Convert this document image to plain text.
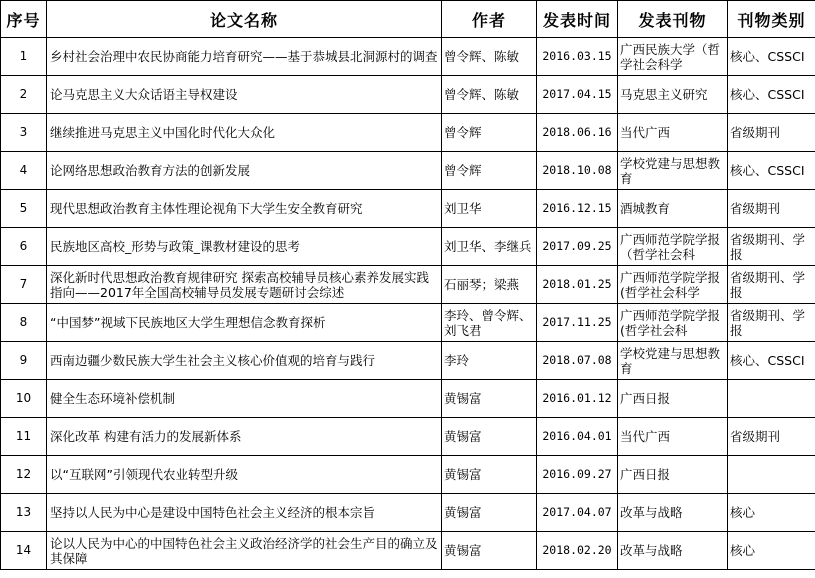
序号	论文名称	作者	发表时间	发表刊物	刊物类别

1	乡村社会治理中农民协商能力培育研究——基于恭城县北洞源村的调查	曾令辉、陈敏	2016.03.15	广西民族大学（哲学社会科学	核心、CSSCI

2	论马克思主义大众话语主导权建设	曾令辉、陈敏	2017.04.15	马克思主义研究	核心、CSSCI

3	继续推进马克思主义中国化时代化大众化	曾令辉	2018.06.16	当代广西	省级期刊

4	论网络思想政治教育方法的创新发展	曾令辉	2018.10.08	学校党建与思想教育	核心、CSSCI

5	现代思想政治教育主体性理论视角下大学生安全教育研究	刘卫华	2016.12.15	酒城教育	省级期刊

6	民族地区高校_形势与政策_课教材建设的思考	刘卫华、李继兵	2017.09.25	广西师范学院学报（哲学社会科	省级期刊、学报

7	深化新时代思想政治教育规律研究 探索高校辅导员核心素养发展实践指向——2017年全国高校辅导员发展专题研讨会综述	石丽琴；梁燕	2018.01.25	广西师范学院学报(哲学社会科学	省级期刊、学报

8	“中国梦”视域下民族地区大学生理想信念教育探析	李玲、曾令辉、刘飞君	2017.11.25	广西师范学院学报(哲学社会科	省级期刊、学报

9	西南边疆少数民族大学生社会主义核心价值观的培育与践行	李玲	2018.07.08	学校党建与思想教育	核心、CSSCI

10	健全生态环境补偿机制	黄锡富	2016.01.12	广西日报	

11	深化改革 构建有活力的发展新体系	黄锡富	2016.04.01	当代广西	省级期刊

12	以“互联网”引领现代农业转型升级	黄锡富	2016.09.27	广西日报	

13	坚持以人民为中心是建设中国特色社会主义经济的根本宗旨	黄锡富	2017.04.07	改革与战略	核心

14	论以人民为中心的中国特色社会主义政治经济学的社会生产目的确立及其保障	黄锡富	2018.02.20	改革与战略	核心
